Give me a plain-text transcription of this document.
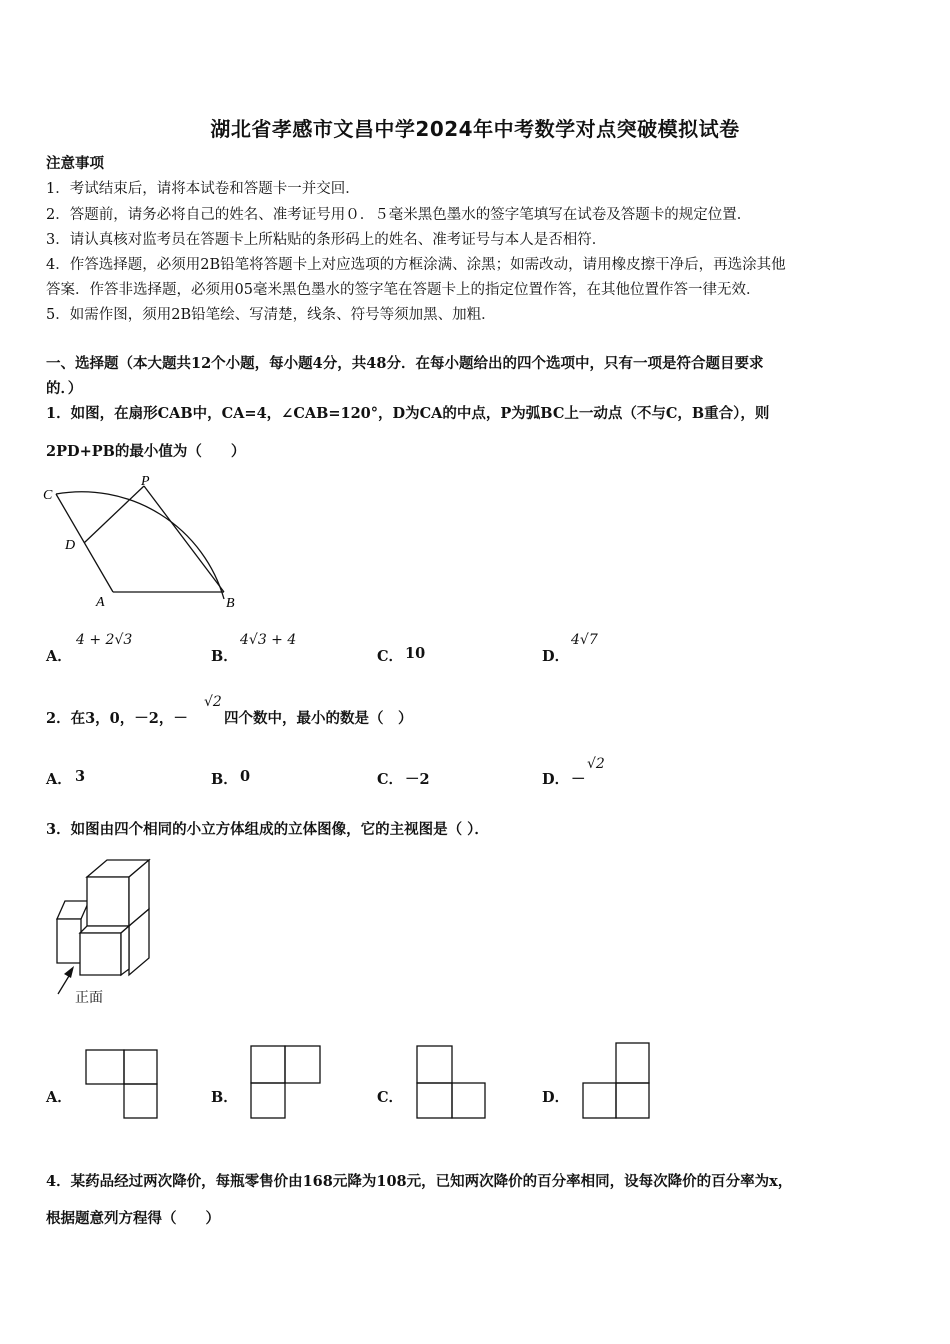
湖北省孝感市文昌中学2024年中考数学对点突破模拟试卷
注意事项
1．考试结束后，请将本试卷和答题卡一并交回．
2．答题前，请务必将自己的姓名、准考证号用０．５毫米黑色墨水的签字笔填写在试卷及答题卡的规定位置．
3．请认真核对监考员在答题卡上所粘贴的条形码上的姓名、准考证号与本人是否相符．
4．作答选择题，必须用2B铅笔将答题卡上对应选项的方框涂满、涂黑；如需改动，请用橡皮擦干净后，再选涂其他
答案．作答非选择题，必须用05毫米黑色墨水的签字笔在答题卡上的指定位置作答，在其他位置作答一律无效．
5．如需作图，须用2B铅笔绘、写清楚，线条、符号等须加黑、加粗．
一、选择题（本大题共12个小题，每小题4分，共48分．在每小题给出的四个选项中，只有一项是符合题目要求
的．）
1．如图，在扇形CAB中，CA=4，∠CAB=120°，D为CA的中点，P为弧BC上一动点（不与C，B重合），则
2PD+PB的最小值为（　　）
C
P
D
A	B
A．
4 + 2√3
B．
4√3 + 4
C． 10	D．
4√7
2．在3，0，－2，－
√2
四个数中，最小的数是（　）
A． 3	B． 0	C． －2	D． －
√2
3．如图由四个相同的小立方体组成的立体图像，它的主视图是（ ）．
正面
A．	B．	C．	D．
4．某药品经过两次降价，每瓶零售价由168元降为108元，已知两次降价的百分率相同，设每次降价的百分率为x，
根据题意列方程得（　　）
